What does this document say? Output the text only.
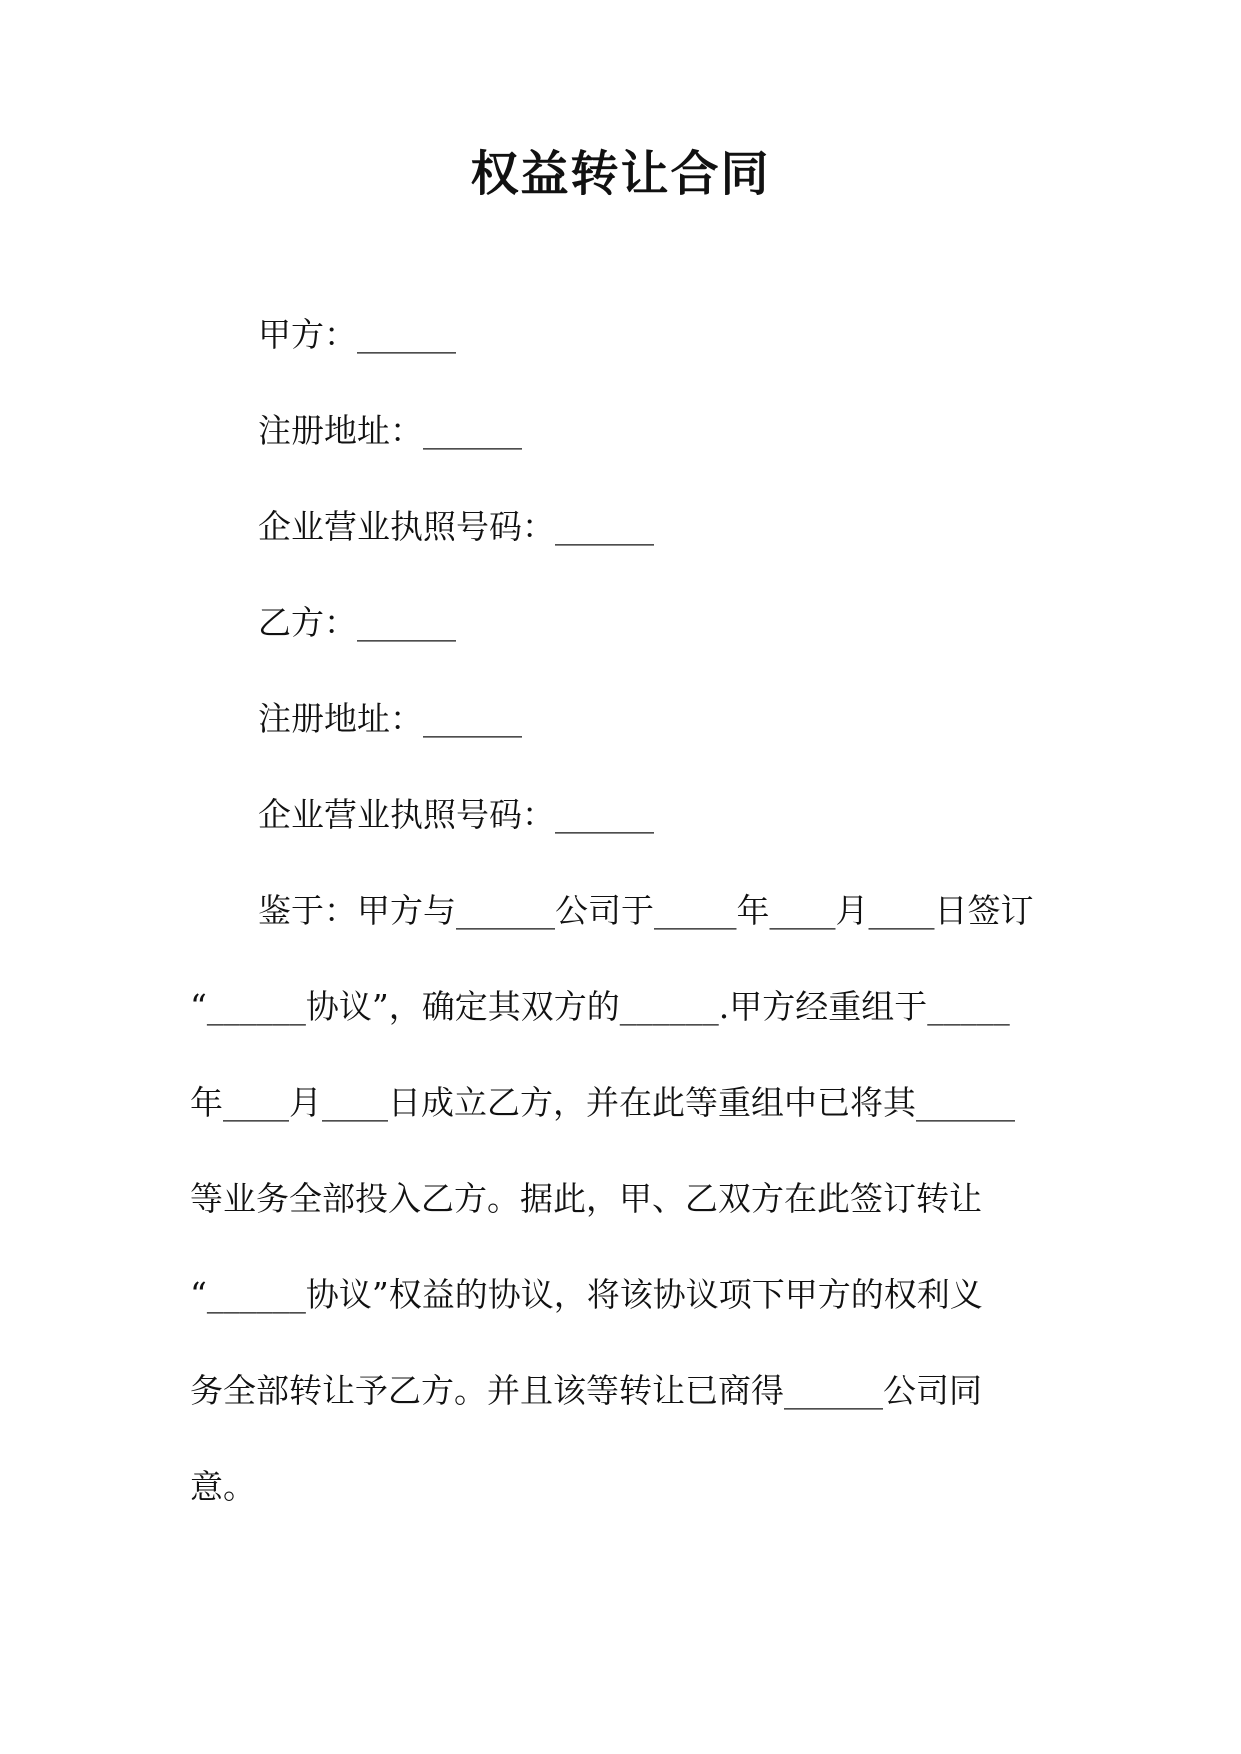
权益转让合同
甲方：______
注册地址：______
企业营业执照号码：______
乙方：______
注册地址：______
企业营业执照号码：______
鉴于：甲方与______公司于_____年____月____日签订
“______协议”，确定其双方的______.甲方经重组于_____
年____月____日成立乙方，并在此等重组中已将其______
等业务全部投入乙方。据此，甲、乙双方在此签订转让
“______协议”权益的协议，将该协议项下甲方的权利义
务全部转让予乙方。并且该等转让已商得______公司同
意。
